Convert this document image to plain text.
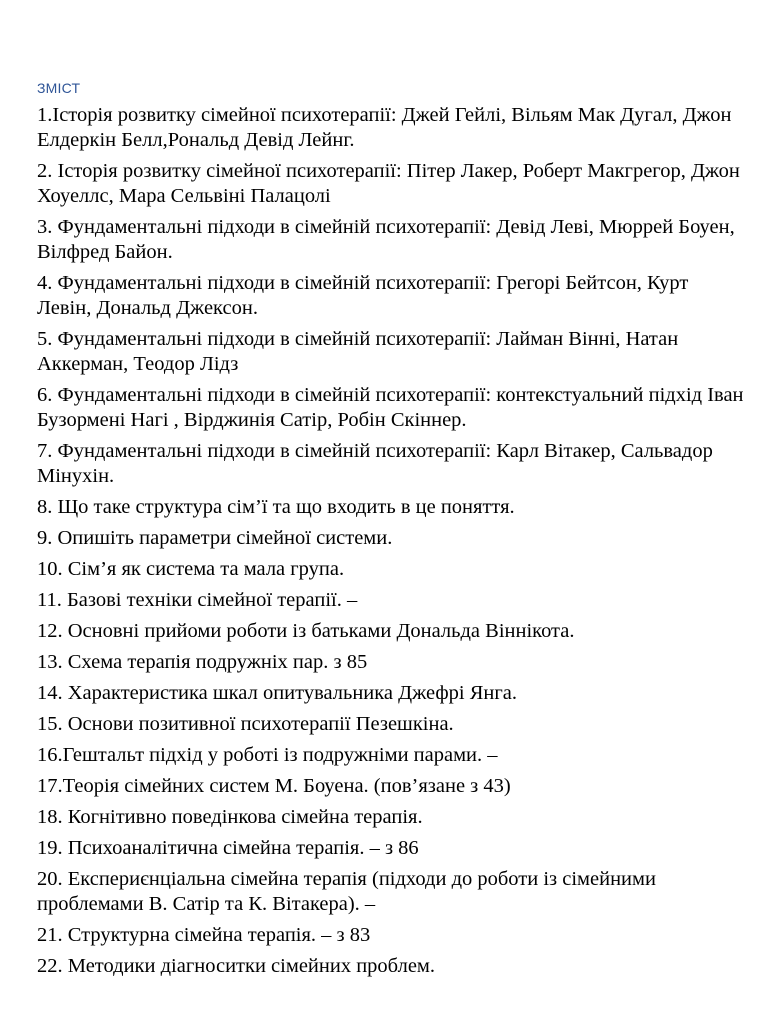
ЗМІСТ
1.Історія розвитку сімейної психотерапії: Джей Гейлі, Вільям Мак Дугал, Джон Елдеркін Белл,Рональд Девід Лейнг.
2. Історія розвитку сімейної психотерапії: Пітер Лакер, Роберт Макгрегор, Джон Хоуеллс, Мара Сельвіні Палацолі
3. Фундаментальні підходи в сімейній психотерапії: Девід Леві, Мюррей Боуен, Вілфред Байон.
4. Фундаментальні підходи в сімейній психотерапії: Грегорі Бейтсон, Курт Левін, Дональд Джексон.
5. Фундаментальні підходи в сімейній психотерапії: Лайман Вінні, Натан Аккерман, Теодор Лідз
6. Фундаментальні підходи в сімейній психотерапії: контекстуальний підхід Іван Бузормені Нагі , Вірджинія Сатір, Робін Скіннер.
7. Фундаментальні підходи в сімейній психотерапії: Карл Вітакер, Сальвадор Мінухін.
8. Що таке структура сім’ї та що входить в це поняття.
9. Опишіть параметри сімейної системи.
10. Сім’я як система та мала група.
11. Базові техніки сімейної терапії. –
12. Основні прийоми роботи із батьками Дональда Віннікота.
13. Схема терапія подружніх пар. з 85
14. Характеристика шкал опитувальника Джефрі Янга.
15. Основи позитивної психотерапії Пезешкіна.
16.Гештальт підхід у роботі із подружніми парами. –
17.Теорія сімейних систем М. Боуена. (пов’язане з 43)
18. Когнітивно поведінкова сімейна терапія.
19. Психоаналітична сімейна терапія. – з 86
20. Експериєнціальна сімейна терапія (підходи до роботи із сімейними проблемами В. Сатір та К. Вітакера). –
21. Структурна сімейна терапія. – з 83
22. Методики діагноситки сімейних проблем.
